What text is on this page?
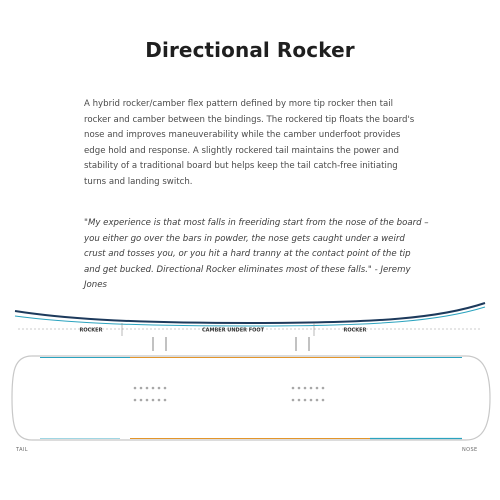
Directional Rocker
A hybrid rocker/camber flex pattern defined by more tip rocker then tail rocker and camber between the bindings. The rockered tip floats the board's nose and improves maneuverability while the camber underfoot provides edge hold and response. A slightly rockered tail maintains the power and stability of a traditional board but helps keep the tail catch-free initiating turns and landing switch.
"My experience is that most falls in freeriding start from the nose of the board – you either go over the bars in powder, the nose gets caught under a weird crust and tosses you, or you hit a hard tranny at the contact point of the tip and get bucked. Directional Rocker eliminates most of these falls." - Jeremy Jones
ROCKER	CAMBER UNDER FOOT	ROCKER
TAIL	NOSE
